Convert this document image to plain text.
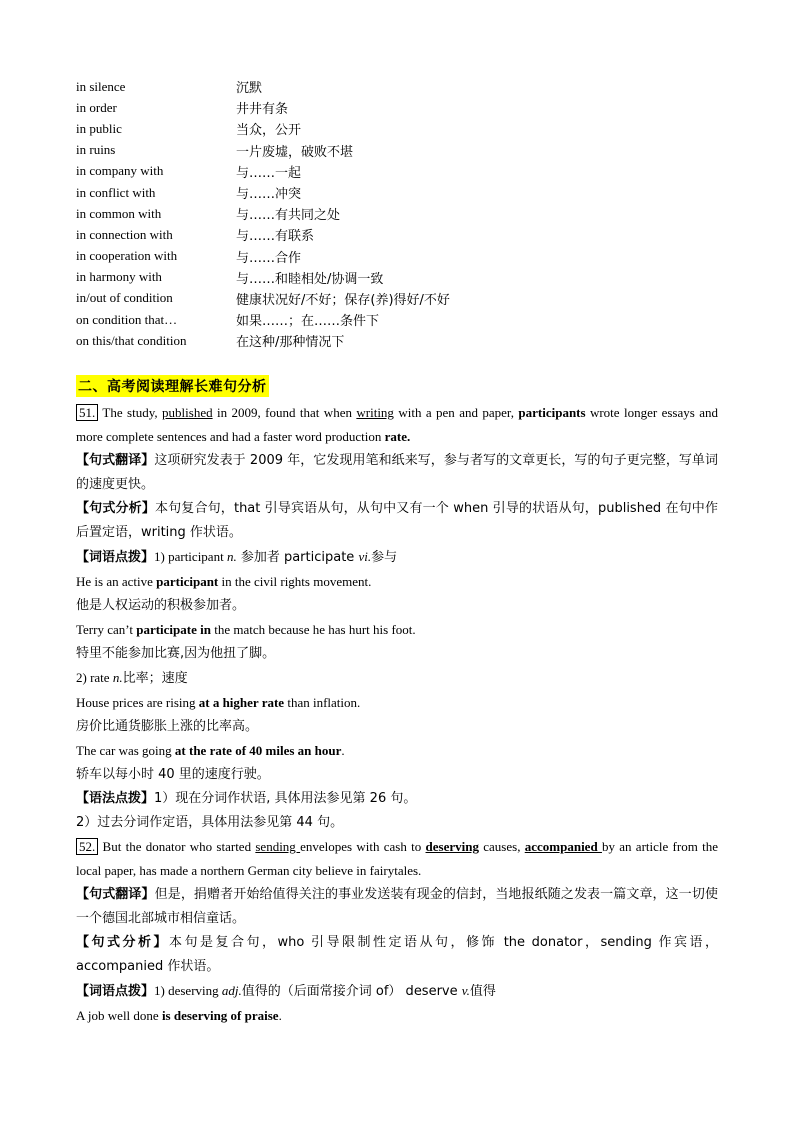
in silence	沉默
in order	井井有条
in public	当众，公开
in ruins	一片废墟，破败不堪
in company with	与……一起
in conflict with	与……冲突
in common with	与……有共同之处
in connection with	与……有联系
in cooperation with	与……合作
in harmony with	与……和睦相处/协调一致
in/out of condition	健康状况好/不好；保存(养)得好/不好
on condition that…	如果……；在……条件下
on this/that condition	在这种/那种情况下
二、高考阅读理解长难句分析

51. The study, published in 2009, found that when writing with a pen and paper, participants wrote longer essays and more complete sentences and had a faster word production rate.

【句式翻译】这项研究发表于 2009 年，它发现用笔和纸来写，参与者写的文章更长，写的句子更完整，写单词的速度更快。

【句式分析】本句复合句，that 引导宾语从句，从句中又有一个 when 引导的状语从句，published 在句中作后置定语，writing 作状语。

【词语点拨】1) participant n. 参加者 participate vi.参与

He is an active participant in the civil rights movement.

他是人权运动的积极参加者。

Terry can’t participate in the match because he has hurt his foot.

特里不能参加比赛,因为他扭了脚。

2) rate n.比率；速度

House prices are rising at a higher rate than inflation.

房价比通货膨胀上涨的比率高。

The car was going at the rate of 40 miles an hour.

轿车以每小时 40 里的速度行驶。

【语法点拨】1）现在分词作状语, 具体用法参见第 26 句。

2）过去分词作定语，具体用法参见第 44 句。

52. But the donator who started sending envelopes with cash to deserving causes, accompanied by an article from the local paper, has made a northern German city believe in fairytales.

【句式翻译】但是，捐赠者开始给值得关注的事业发送装有现金的信封，当地报纸随之发表一篇文章，这一切使一个德国北部城市相信童话。

【句式分析】本句是复合句，who 引导限制性定语从句，修饰 the donator，sending 作宾语，accompanied 作状语。

【词语点拨】1) deserving adj.值得的（后面常接介词 of） deserve v.值得

A job well done is deserving of praise.
